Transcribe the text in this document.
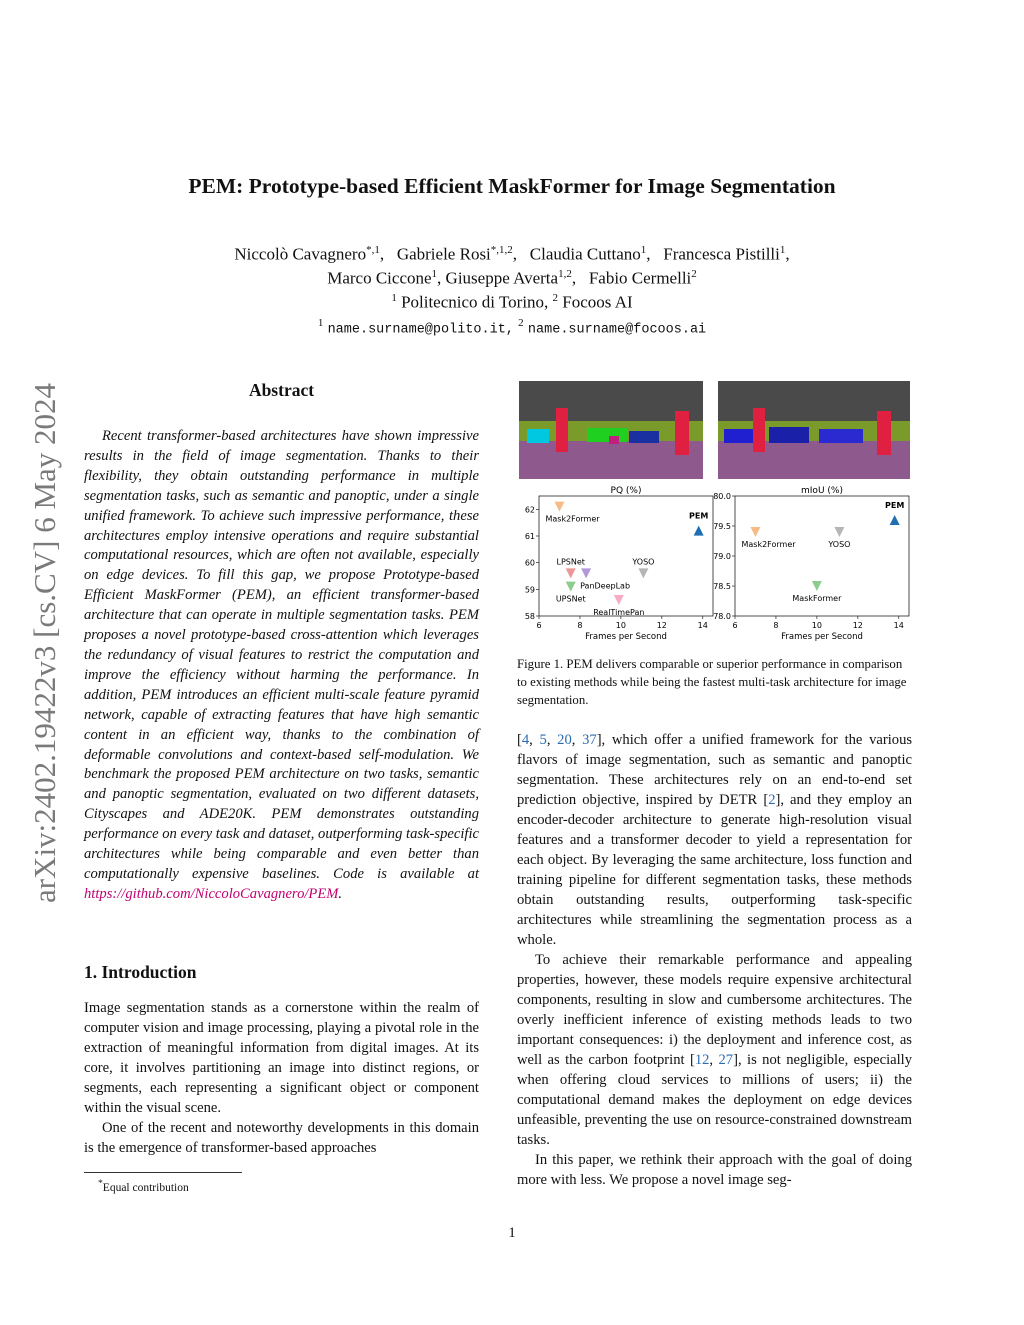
arXiv:2402.19422v3 [cs.CV] 6 May 2024
PEM: Prototype-based Efficient MaskFormer for Image Segmentation
Niccolò Cavagnero$^{*,1}$,   Gabriele Rosi$^{*,1,2}$,   Claudia Cuttano$^1$,   Francesca Pistilli$^1$,
Marco Ciccone$^1$, Giuseppe Averta$^{1,2}$,   Fabio Cermelli$^2$
$^1$ Politecnico di Torino, $^2$ Focoos AI
$^1$ name.surname@polito.it, $^2$ name.surname@focoos.ai
Abstract

Recent transformer-based architectures have shown impressive results in the field of image segmentation. Thanks to their flexibility, they obtain outstanding performance in multiple segmentation tasks, such as semantic and panoptic, under a single unified framework. To achieve such impressive performance, these architectures employ intensive operations and require substantial computational resources, which are often not available, especially on edge devices. To fill this gap, we propose Prototype-based Efficient MaskFormer (PEM), an efficient transformer-based architecture that can operate in multiple segmentation tasks. PEM proposes a novel prototype-based cross-attention which leverages the redundancy of visual features to restrict the computation and improve the efficiency without harming the performance. In addition, PEM introduces an efficient multi-scale feature pyramid network, capable of extracting features that have high semantic content in an efficient way, thanks to the combination of deformable convolutions and context-based self-modulation. We benchmark the proposed PEM architecture on two tasks, semantic and panoptic segmentation, evaluated on two different datasets, Cityscapes and ADE20K. PEM demonstrates outstanding performance on every task and dataset, outperforming task-specific architectures while being comparable and even better than computationally expensive baselines. Code is available at https://github.com/NiccoloCavagnero/PEM.

1. Introduction

Image segmentation stands as a cornerstone within the realm of computer vision and image processing, playing a pivotal role in the extraction of meaningful information from digital images. At its core, it involves partitioning an image into distinct regions, or segments, each representing a significant object or component within the visual scene.

One of the recent and noteworthy developments in this domain is the emergence of transformer-based approaches

*Equal contribution
PQ (%)
6	8	10	12	14
58
59
60
61
62
Frames per Second
Mask2Former
LPSNet
UPSNet
PanDeepLab
YOSO
RealTimePan
PEM
mIoU (%)
6	8	10	12	14
78.0
78.5
79.0
79.5
80.0
Frames per Second
Mask2Former	YOSO
MaskFormer
PEM
Figure 1. PEM delivers comparable or superior performance in comparison to existing methods while being the fastest multi-task architecture for image segmentation.

[4, 5, 20, 37], which offer a unified framework for the various flavors of image segmentation, such as semantic and panoptic segmentation. These architectures rely on an end-to-end set prediction objective, inspired by DETR [2], and they employ an encoder-decoder architecture to generate high-resolution visual features and a transformer decoder to yield a representation for each object. By leveraging the same architecture, loss function and training pipeline for different segmentation tasks, these methods obtain outstanding results, outperforming task-specific architectures while streamlining the segmentation process as a whole.

To achieve their remarkable performance and appealing properties, however, these models require expensive architectural components, resulting in slow and cumbersome architectures. The overly inefficient inference of existing methods leads to two important consequences: i) the deployment and inference cost, as well as the carbon footprint [12, 27], is not negligible, especially when offering cloud services to millions of users; ii) the computational demand makes the deployment on edge devices unfeasible, preventing the use on resource-constrained downstream tasks.

In this paper, we rethink their approach with the goal of doing more with less. We propose a novel image seg-

1
